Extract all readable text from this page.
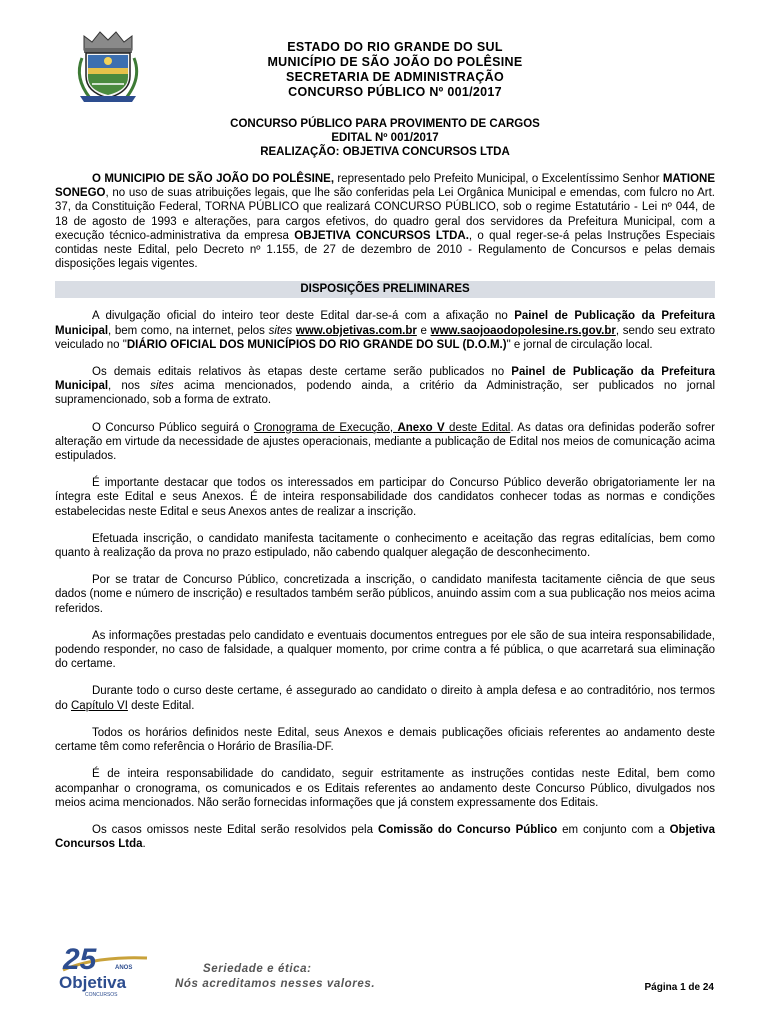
ESTADO DO RIO GRANDE DO SUL
MUNICÍPIO DE SÃO JOÃO DO POLÊSINE
SECRETARIA DE ADMINISTRAÇÃO
CONCURSO PÚBLICO Nº 001/2017
CONCURSO PÚBLICO PARA PROVIMENTO DE CARGOS
EDITAL Nº 001/2017
REALIZAÇÃO: OBJETIVA CONCURSOS LTDA

O MUNICIPIO DE SÃO JOÃO DO POLÊSINE, representado pelo Prefeito Municipal, o Excelentíssimo Senhor MATIONE SONEGO, no uso de suas atribuições legais, que lhe são conferidas pela Lei Orgânica Municipal e emendas, com fulcro no Art. 37, da Constituição Federal, TORNA PÚBLICO que realizará CONCURSO PÚBLICO, sob o regime Estatutário - Lei nº 044, de 18 de agosto de 1993 e alterações, para cargos efetivos, do quadro geral dos servidores da Prefeitura Municipal, com a execução técnico-administrativa da empresa OBJETIVA CONCURSOS LTDA., o qual reger-se-á pelas Instruções Especiais contidas neste Edital, pelo Decreto nº 1.155, de 27 de dezembro de 2010 - Regulamento de Concursos e pelas demais disposições legais vigentes.

DISPOSIÇÕES PRELIMINARES

A divulgação oficial do inteiro teor deste Edital dar-se-á com a afixação no Painel de Publicação da Prefeitura Municipal, bem como, na internet, pelos sites www.objetivas.com.br e www.saojoaodopolesine.rs.gov.br, sendo seu extrato veiculado no "DIÁRIO OFICIAL DOS MUNICÍPIOS DO RIO GRANDE DO SUL (D.O.M.)" e jornal de circulação local.

Os demais editais relativos às etapas deste certame serão publicados no Painel de Publicação da Prefeitura Municipal, nos sites acima mencionados, podendo ainda, a critério da Administração, ser publicados no jornal supramencionado, sob a forma de extrato.

O Concurso Público seguirá o Cronograma de Execução, Anexo V deste Edital. As datas ora definidas poderão sofrer alteração em virtude da necessidade de ajustes operacionais, mediante a publicação de Edital nos meios de comunicação acima estipulados.

É importante destacar que todos os interessados em participar do Concurso Público deverão obrigatoriamente ler na íntegra este Edital e seus Anexos. É de inteira responsabilidade dos candidatos conhecer todas as normas e condições estabelecidas neste Edital e seus Anexos antes de realizar a inscrição.

Efetuada inscrição, o candidato manifesta tacitamente o conhecimento e aceitação das regras editalícias, bem como quanto à realização da prova no prazo estipulado, não cabendo qualquer alegação de desconhecimento.

Por se tratar de Concurso Público, concretizada a inscrição, o candidato manifesta tacitamente ciência de que seus dados (nome e número de inscrição) e resultados também serão públicos, anuindo assim com a sua publicação nos meios acima referidos.

As informações prestadas pelo candidato e eventuais documentos entregues por ele são de sua inteira responsabilidade, podendo responder, no caso de falsidade, a qualquer momento, por crime contra a fé pública, o que acarretará sua eliminação do certame.

Durante todo o curso deste certame, é assegurado ao candidato o direito à ampla defesa e ao contraditório, nos termos do Capítulo VI deste Edital.

Todos os horários definidos neste Edital, seus Anexos e demais publicações oficiais referentes ao andamento deste certame têm como referência o Horário de Brasília-DF.

É de inteira responsabilidade do candidato, seguir estritamente as instruções contidas neste Edital, bem como acompanhar o cronograma, os comunicados e os Editais referentes ao andamento deste Concurso Público, divulgados nos meios acima mencionados. Não serão fornecidas informações que já constem expressamente dos Editais.

Os casos omissos neste Edital serão resolvidos pela Comissão do Concurso Público em conjunto com a Objetiva Concursos Ltda.

25	ANOS
Objetiva
CONCURSOS
Seriedade e ética:
Nós acreditamos nesses valores.	Página 1 de 24
